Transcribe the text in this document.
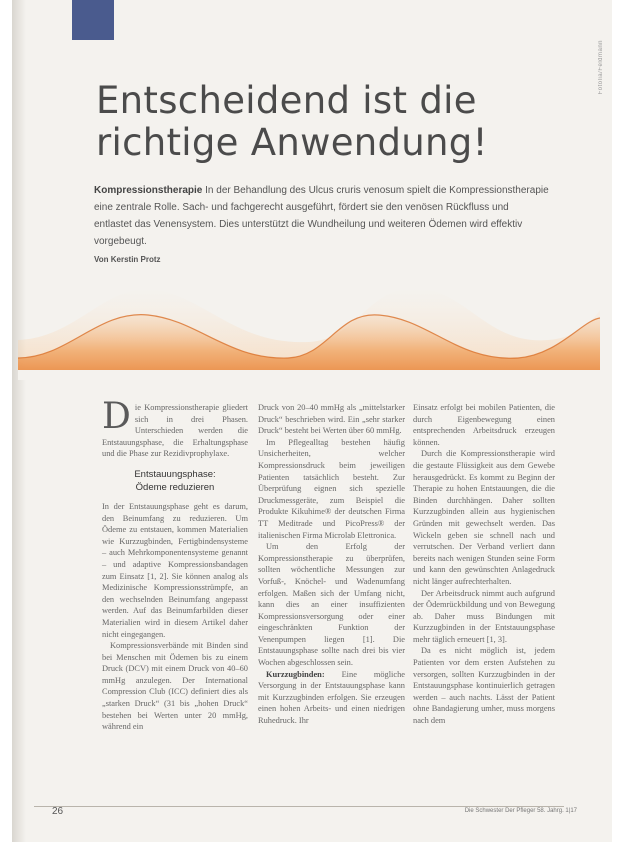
Fotolia/Feldmann
Entscheidend ist die
richtige Anwendung!

Kompressionstherapie In der Behandlung des Ulcus cruris venosum spielt die Kompressionstherapie eine zentrale Rolle. Sach- und fachgerecht ausgeführt, fördert sie den venösen Rückfluss und entlastet das Venensystem. Dies unterstützt die Wundheilung und weiteren Ödemen wird effektiv vorgebeugt.

Von Kerstin Protz
D ie Kompressionstherapie gliedert sich in drei Phasen. Unterschieden werden die Entstauungsphase, die Erhaltungsphase und die Phase zur Rezidivprophylaxe.

Entstauungsphase:
Ödeme reduzieren

In der Entstauungsphase geht es darum, den Beinumfang zu reduzieren. Um Ödeme zu entstauen, kommen Materialien wie Kurzzugbinden, Fertigbindensysteme – auch Mehrkomponentensysteme genannt – und adaptive Kompressionsbandagen zum Einsatz [1, 2]. Sie können analog als Medizinische Kompressionsstrümpfe, an den wechselnden Beinumfang angepasst werden. Auf das Beinumfarbilden dieser Materialien wird in diesem Artikel daher nicht eingegangen.

Kompressionsverbände mit Binden sind bei Menschen mit Ödemen bis zu einem Druck (DCV) mit einem Druck von 40–60 mmHg anzulegen. Der International Compression Club (ICC) definiert dies als „starken Druck“ (31 bis „hohen Druck“ bestehen bei Werten unter 20 mmHg, während ein

Druck von 20–40 mmHg als „mittelstarker Druck“ beschrieben wird. Ein „sehr starker Druck“ besteht bei Werten über 60 mmHg.

Im Pflegealltag bestehen häufig Unsicherheiten, welcher Kompressionsdruck beim jeweiligen Patienten tatsächlich besteht. Zur Überprüfung eignen sich spezielle Druckmessgeräte, zum Beispiel die Produkte Kikuhime® der deutschen Firma TT Meditrade und PicoPress® der italienischen Firma Microlab Elettronica.

Um den Erfolg der Kompressionstherapie zu überprüfen, sollten wöchentliche Messungen zur Vorfuß-, Knöchel- und Wadenumfang erfolgen. Maßen sich der Umfang nicht, kann dies an einer insuffizienten Kompressionsversorgung oder einer eingeschränkten Funktion der Venenpumpen liegen [1]. Die Entstauungsphase sollte nach drei bis vier Wochen abgeschlossen sein.

Kurzzugbinden: Eine mögliche Versorgung in der Entstauungsphase kann mit Kurzzugbinden erfolgen. Sie erzeugen einen hohen Arbeits- und einen niedrigen Ruhedruck. Ihr

Einsatz erfolgt bei mobilen Patienten, die durch Eigenbewegung einen entsprechenden Arbeitsdruck erzeugen können.

Durch die Kompressionstherapie wird die gestaute Flüssigkeit aus dem Gewebe herausgedrückt. Es kommt zu Beginn der Therapie zu hohen Entstauungen, die die Binden durchhängen. Daher sollten Kurzzugbinden allein aus hygienischen Gründen mit gewechselt werden. Das Wickeln geben sie schnell nach und verrutschen. Der Verband verliert dann bereits nach wenigen Stunden seine Form und kann den gewünschten Anlagedruck nicht länger aufrechterhalten.

Der Arbeitsdruck nimmt auch aufgrund der Ödemrückbildung und von Bewegung ab. Daher muss Bindungen mit Kurzzugbinden in der Entstauungsphase mehr täglich erneuert [1, 3].

Da es nicht möglich ist, jedem Patienten vor dem ersten Aufstehen zu versorgen, sollten Kurzzugbinden in der Entstauungsphase kontinuierlich getragen werden – auch nachts. Lässt der Patient ohne Bandagierung umher, muss morgens nach dem

26	Die Schwester Der Pfleger 58. Jahrg. 1|17
